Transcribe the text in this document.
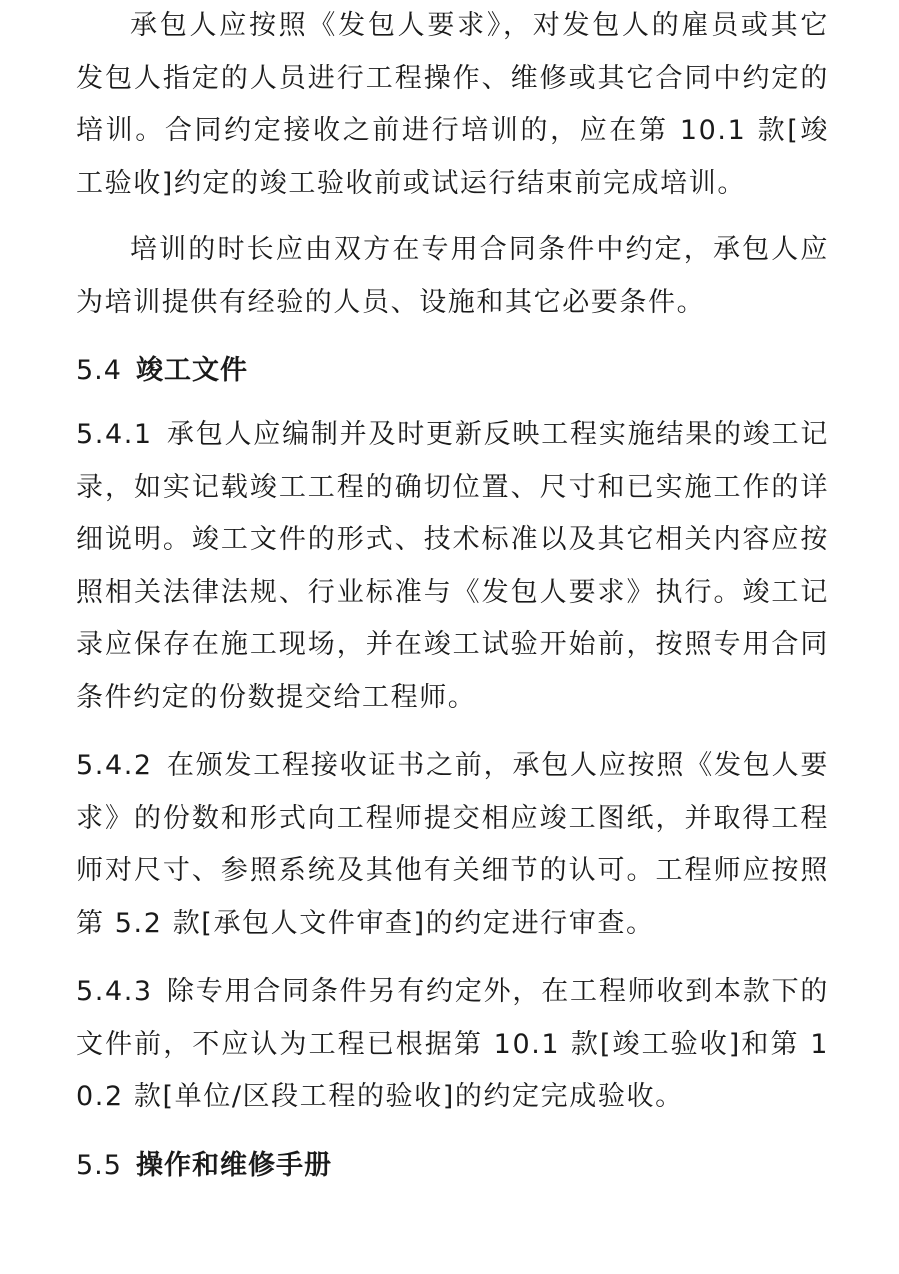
承包人应按照《发包人要求》，对发包人的雇员或其它发包人指定的人员进行工程操作、维修或其它合同中约定的培训。合同约定接收之前进行培训的，应在第 10.1 款[竣工验收]约定的竣工验收前或试运行结束前完成培训。

培训的时长应由双方在专用合同条件中约定，承包人应为培训提供有经验的人员、设施和其它必要条件。

5.4 竣工文件

5.4.1 承包人应编制并及时更新反映工程实施结果的竣工记录，如实记载竣工工程的确切位置、尺寸和已实施工作的详细说明。竣工文件的形式、技术标准以及其它相关内容应按照相关法律法规、行业标准与《发包人要求》执行。竣工记录应保存在施工现场，并在竣工试验开始前，按照专用合同条件约定的份数提交给工程师。

5.4.2 在颁发工程接收证书之前，承包人应按照《发包人要求》的份数和形式向工程师提交相应竣工图纸，并取得工程师对尺寸、参照系统及其他有关细节的认可。工程师应按照第 5.2 款[承包人文件审查]的约定进行审查。

5.4.3 除专用合同条件另有约定外，在工程师收到本款下的文件前，不应认为工程已根据第 10.1 款[竣工验收]和第 10.2 款[单位/区段工程的验收]的约定完成验收。

5.5 操作和维修手册
